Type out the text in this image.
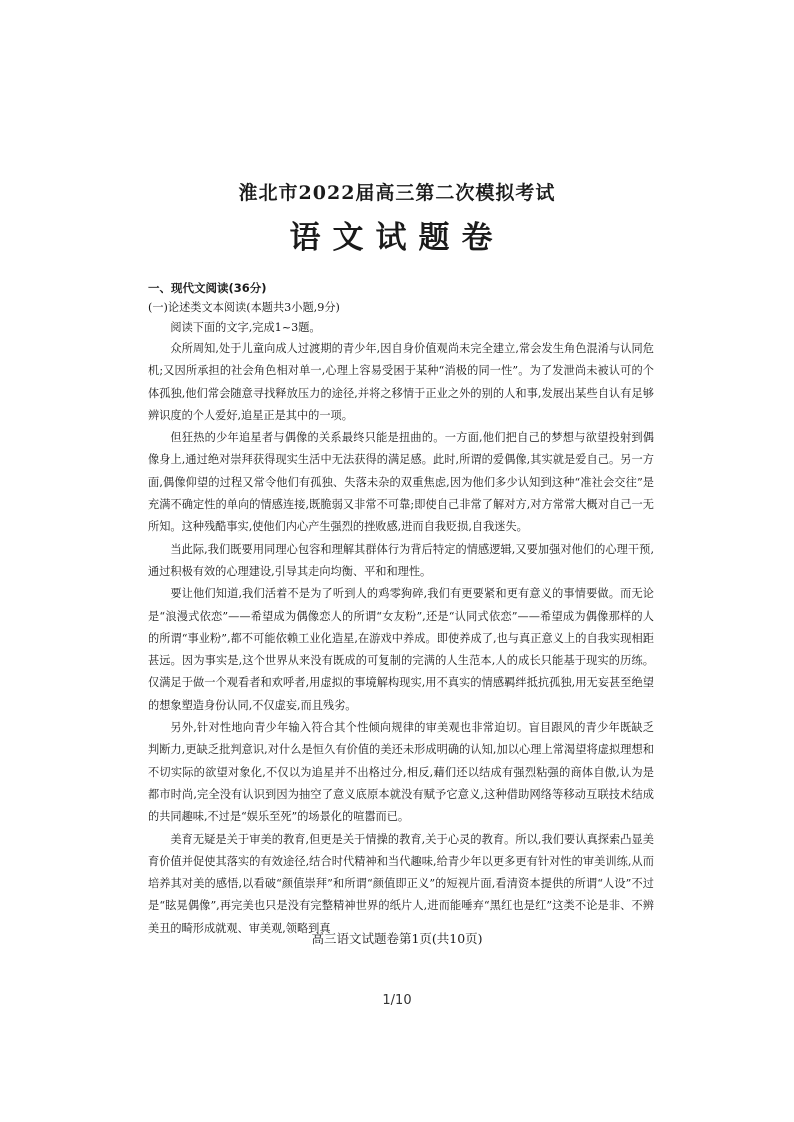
淮北市2022届高三第二次模拟考试
语文试题卷
一、现代文阅读(36分)
(一)论述类文本阅读(本题共3小题,9分)
阅读下面的文字,完成1~3题。

众所周知,处于儿童向成人过渡期的青少年,因自身价值观尚未完全建立,常会发生角色混淆与认同危机;又因所承担的社会角色相对单一,心理上容易受困于某种“消极的同一性”。为了发泄尚未被认可的个体孤独,他们常会随意寻找释放压力的途径,并将之移情于正业之外的别的人和事,发展出某些自认有足够辨识度的个人爱好,追星正是其中的一项。

但狂热的少年追星者与偶像的关系最终只能是扭曲的。一方面,他们把自己的梦想与欲望投射到偶像身上,通过绝对崇拜获得现实生活中无法获得的满足感。此时,所谓的爱偶像,其实就是爱自己。另一方面,偶像仰望的过程又常令他们有孤独、失落未杂的双重焦虑,因为他们多少认知到这种“准社会交往”是充满不确定性的单向的情感连接,既脆弱又非常不可靠;即使自己非常了解对方,对方常常大概对自己一无所知。这种残酷事实,使他们内心产生强烈的挫败感,进而自我贬损,自我迷失。

当此际,我们既要用同理心包容和理解其群体行为背后特定的情感逻辑,又要加强对他们的心理干预,通过积极有效的心理建设,引导其走向均衡、平和和理性。

要让他们知道,我们活着不是为了听到人的鸡零狗碎,我们有更要紧和更有意义的事情要做。而无论是“浪漫式依恋”——希望成为偶像恋人的所谓“女友粉”,还是“认同式依恋”——希望成为偶像那样的人的所谓“事业粉”,都不可能依赖工业化造星,在游戏中养成。即使养成了,也与真正意义上的自我实现相距甚远。因为事实是,这个世界从来没有既成的可复制的完满的人生范本,人的成长只能基于现实的历练。仅满足于做一个观看者和欢呼者,用虚拟的事境解构现实,用不真实的情感羁绊抵抗孤独,用无妄甚至绝望的想象塑造身份认同,不仅虚妄,而且残劣。

另外,针对性地向青少年输入符合其个性倾向规律的审美观也非常迫切。盲目跟风的青少年既缺乏判断力,更缺乏批判意识,对什么是恒久有价值的美还未形成明确的认知,加以心理上常渴望将虚拟理想和不切实际的欲望对象化,不仅以为追星并不出格过分,相反,藉们还以结成有强烈粘强的商体自傲,认为是都市时尚,完全没有认识到因为抽空了意义底原本就没有赋予它意义,这种借助网络等移动互联技术结成的共同趣味,不过是“娱乐至死”的场景化的喧嚣而已。

美育无疑是关于审美的教育,但更是关于情操的教育,关于心灵的教育。所以,我们要认真探索凸显美育价值并促使其落实的有效途径,结合时代精神和当代趣味,给青少年以更多更有针对性的审美训练,从而培养其对美的感悟,以看破“颜值崇拜”和所谓“颜值即正义”的短视片面,看清资本提供的所谓“人设”不过是“眩晃偶像”,再完美也只是没有完整精神世界的纸片人,进而能唾弃“黑红也是红”这类不论是非、不辨美丑的畸形成就观、审美观,领略到真

高三语文试题卷第1页(共10页)
1/10
